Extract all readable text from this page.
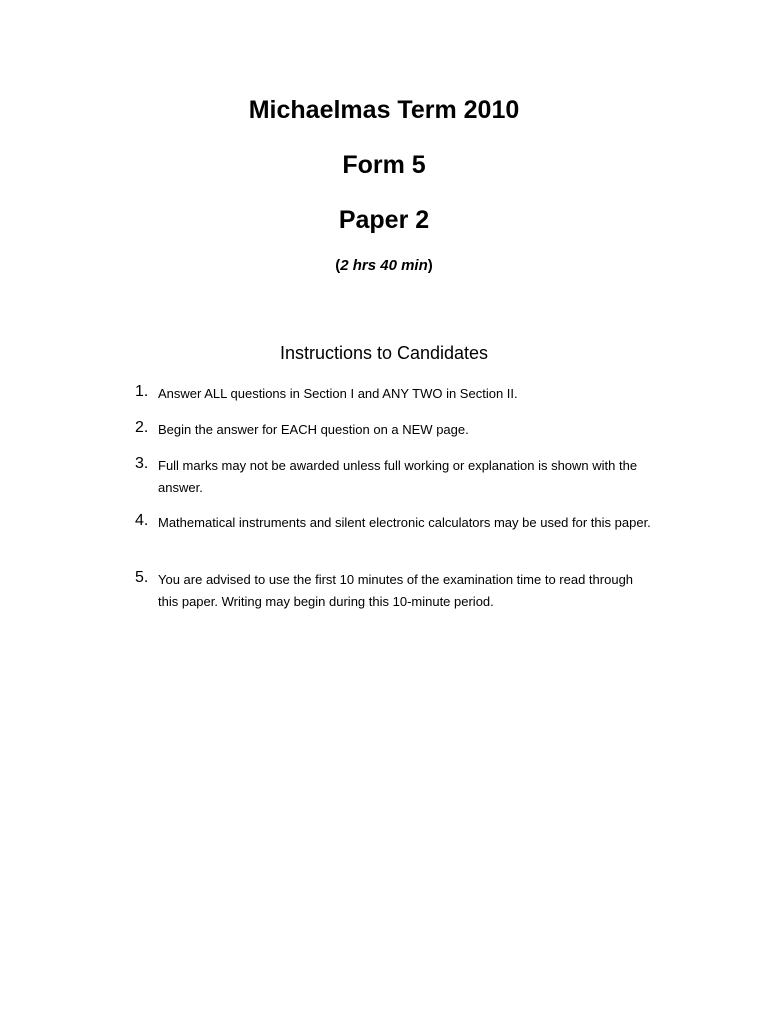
Michaelmas Term 2010
Form 5
Paper 2
(2 hrs 40 min)
Instructions to Candidates
1. Answer ALL questions in Section I and ANY TWO in Section II.
2. Begin the answer for EACH question on a NEW page.
3. Full marks may not be awarded unless full working or explanation is shown with the answer.
4. Mathematical instruments and silent electronic calculators may be used for this paper.
5. You are advised to use the first 10 minutes of the examination time to read through this paper. Writing may begin during this 10-minute period.
